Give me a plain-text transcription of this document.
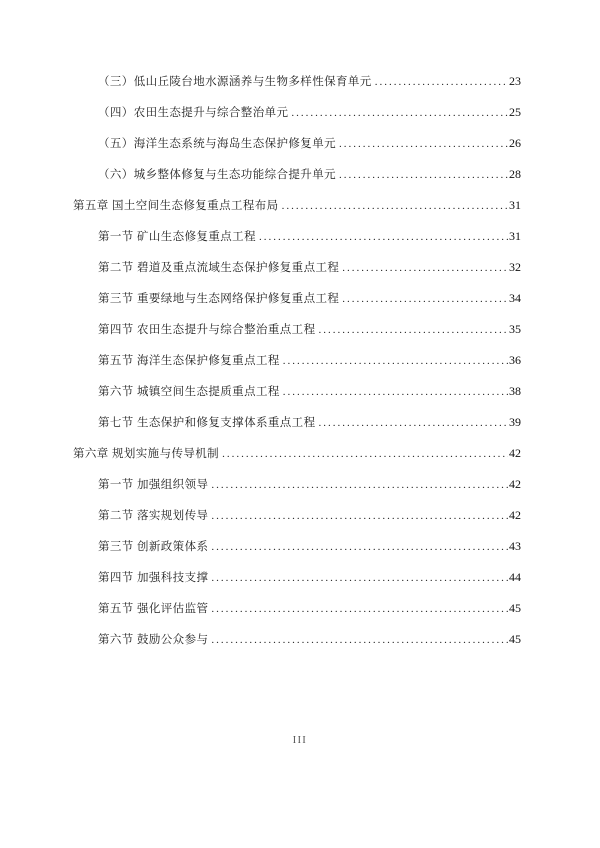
（三）低山丘陵台地水源涵养与生物多样性保育单元 .....	23
（四）农田生态提升与综合整治单元 .....	25
（五）海洋生态系统与海岛生态保护修复单元 .....	26
（六）城乡整体修复与生态功能综合提升单元 .....	28
第五章 国土空间生态修复重点工程布局 .....	31
第一节 矿山生态修复重点工程 .....	31
第二节 碧道及重点流域生态保护修复重点工程 .....	32
第三节 重要绿地与生态网络保护修复重点工程 .....	34
第四节 农田生态提升与综合整治重点工程 .....	35
第五节 海洋生态保护修复重点工程 .....	36
第六节 城镇空间生态提质重点工程 .....	38
第七节 生态保护和修复支撑体系重点工程 .....	39
第六章 规划实施与传导机制 .....	42
第一节 加强组织领导 .....	42
第二节 落实规划传导 .....	42
第三节 创新政策体系 .....	43
第四节 加强科技支撑 .....	44
第五节 强化评估监管 .....	45
第六节 鼓励公众参与 .....	45
III
